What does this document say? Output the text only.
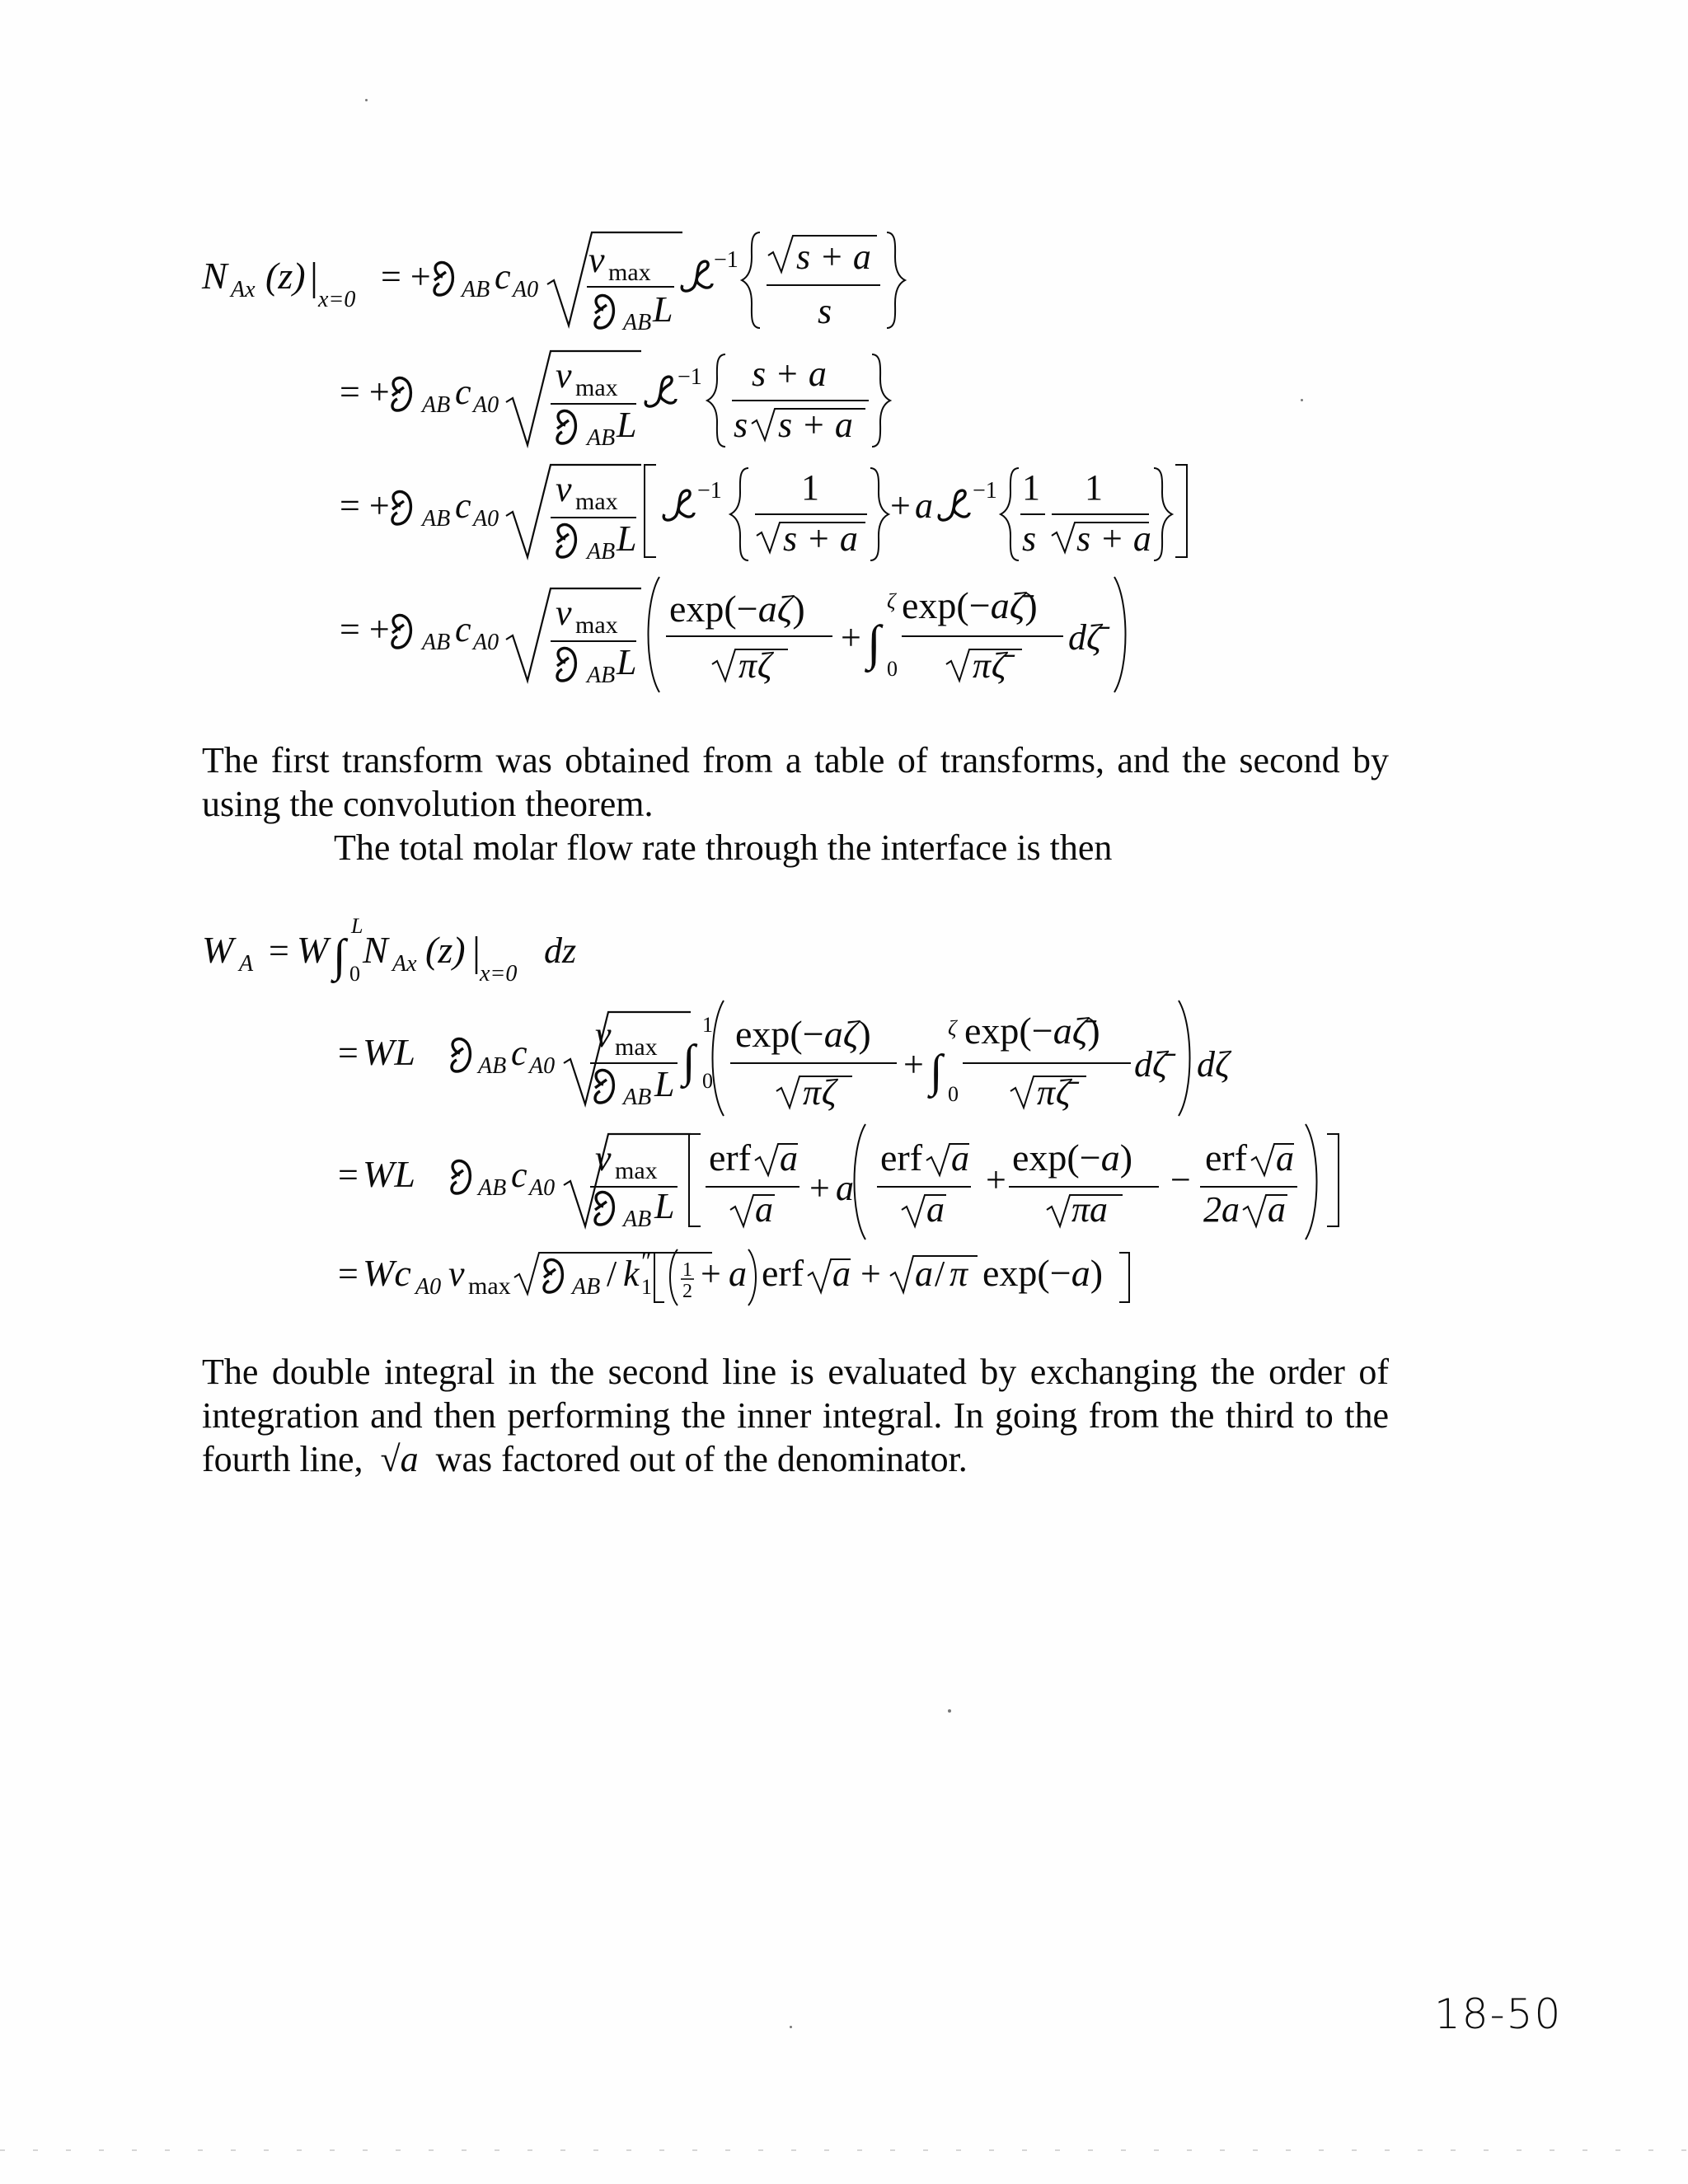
N Ax (z)
x=0
= + AB c A0
v max
AB L
−1 s + a
s
= + AB c A0
v max
AB L
−1 s + a
s s + a
= + AB c A0
v max
AB L
−1 1
s + a
+ a −1 1
s
1
s + a
= + AB c A0
v max
AB L
exp(−aζ)
πζ
+ ∫ 0
ζ exp(−aζ̄)
πζ̄
dζ̄
The first transform was obtained from a table of transforms, and the second by using the convolution theorem.
The total molar flow rate through the interface is then
W A = W ∫ 0
L
N Ax (z)
x=0
dz
= WL	AB c A0
v max
AB L ∫ 0
1 exp(−aζ)
πζ
+ ∫ 0
ζ exp(−aζ̄)
πζ̄
dζ̄ dζ
= WL	AB c A0
v max
AB L
erf a
a
+ a
erf a
a
+
exp(−a)
πa
−
erf a
2a a
= Wc A0 v max	AB / k 1
″ 1
2 + a erf a + a / π exp(−a)
The double integral in the second line is evaluated by exchanging the order of integration and then performing the inner integral. In going from the third to the fourth line, √a was factored out of the denominator.
18-50
